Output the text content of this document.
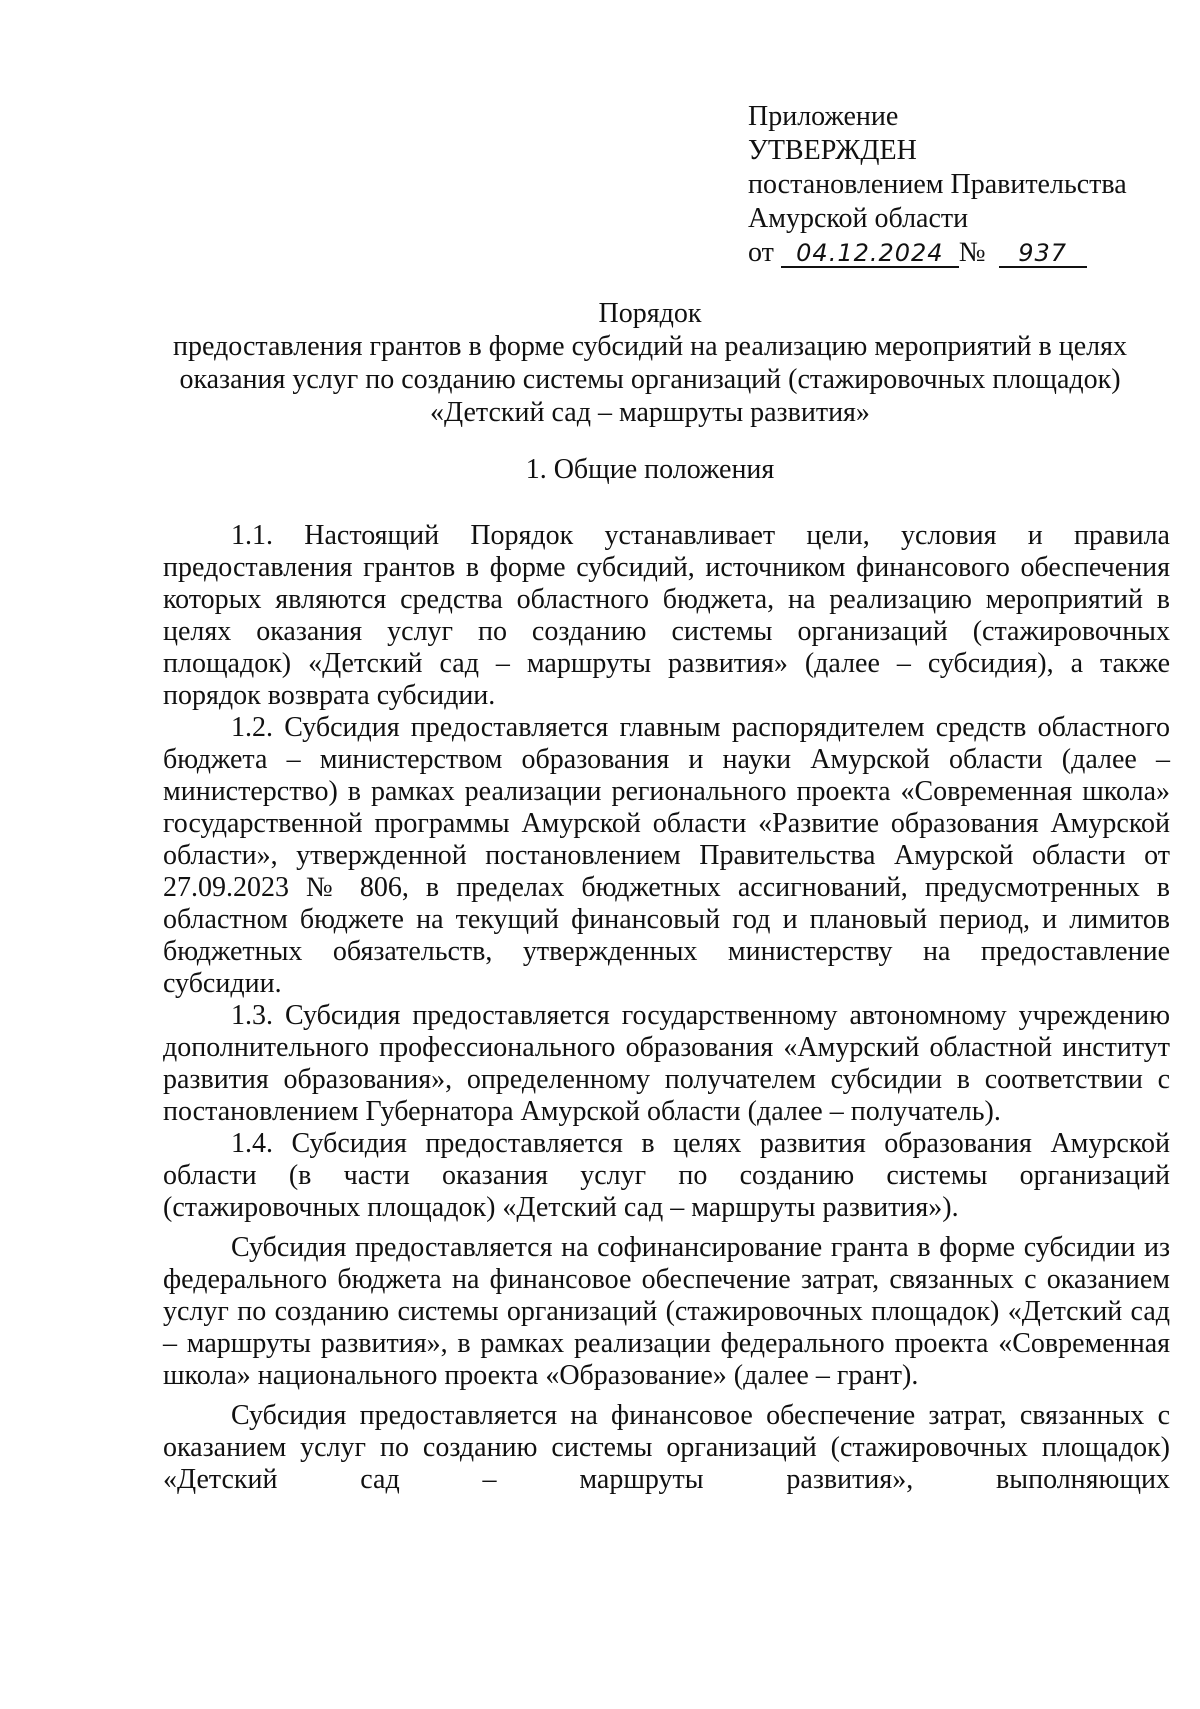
Приложение
УТВЕРЖДЕН
постановлением Правительства
Амурской области
от 04.12.2024 № 937
Порядок
предоставления грантов в форме субсидий на реализацию мероприятий в целях
оказания услуг по созданию системы организаций (стажировочных площадок)
«Детский сад – маршруты развития»
1. Общие положения

1.1. Настоящий Порядок устанавливает цели, условия и правила предоставления грантов в форме субсидий, источником финансового обеспечения которых являются средства областного бюджета, на реализацию мероприятий в целях оказания услуг по созданию системы организаций (стажировочных площадок) «Детский сад – маршруты развития» (далее – субсидия), а также порядок возврата субсидии.

1.2. Субсидия предоставляется главным распорядителем средств областного бюджета – министерством образования и науки Амурской области (далее – министерство) в рамках реализации регионального проекта «Современная школа» государственной программы Амурской области «Развитие образования Амурской области», утвержденной постановлением Правительства Амурской области от 27.09.2023 № 806, в пределах бюджетных ассигнований, предусмотренных в областном бюджете на текущий финансовый год и плановый период, и лимитов бюджетных обязательств, утвержденных министерству на предоставление субсидии.

1.3. Субсидия предоставляется государственному автономному учреждению дополнительного профессионального образования «Амурский областной институт развития образования», определенному получателем субсидии в соответствии с постановлением Губернатора Амурской области (далее – получатель).

1.4. Субсидия предоставляется в целях развития образования Амурской области (в части оказания услуг по созданию системы организаций (стажировочных площадок) «Детский сад – маршруты развития»).

Субсидия предоставляется на софинансирование гранта в форме субсидии из федерального бюджета на финансовое обеспечение затрат, связанных с оказанием услуг по созданию системы организаций (стажировочных площадок) «Детский сад – маршруты развития», в рамках реализации федерального проекта «Современная школа» национального проекта «Образование» (далее – грант).

Субсидия предоставляется на финансовое обеспечение затрат, связанных с оказанием услуг по созданию системы организаций (стажировочных площадок) «Детский сад – маршруты развития», выполняющих
